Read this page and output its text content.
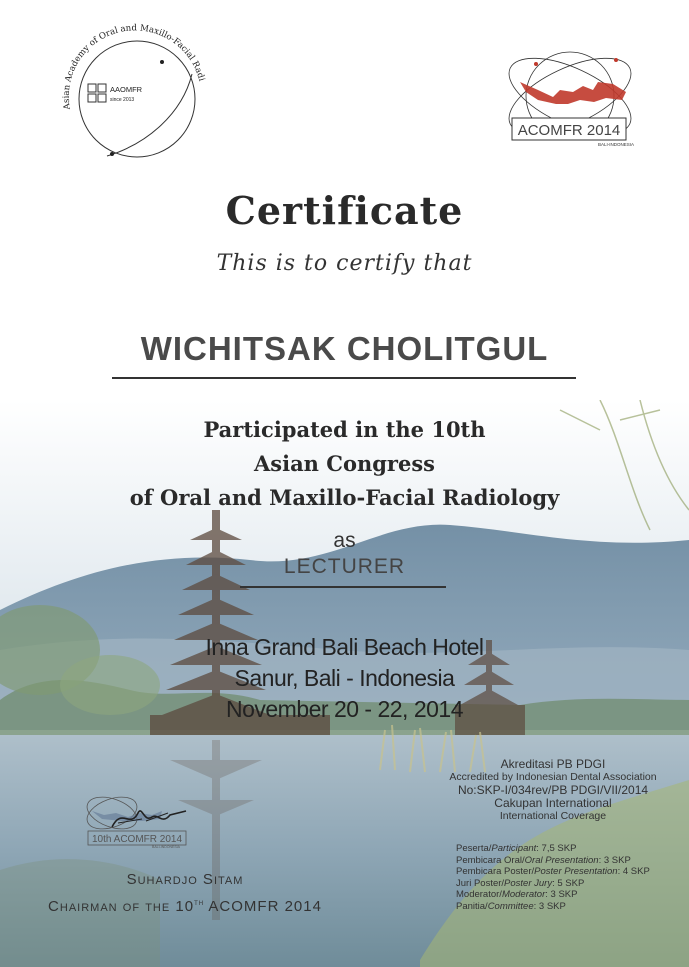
Asian Academy of Oral and Maxillo-Facial Radi
AAOMFR
since 2013
ACOMFR 2014
BALI-INDONESIA
Certificate
This is to certify that
WICHITSAK CHOLITGUL
Participated in the 10th
Asian Congress
of Oral and Maxillo-Facial Radiology
as
LECTURER
Inna Grand Bali Beach Hotel
Sanur, Bali - Indonesia
November 20 - 22, 2014
Akreditasi PB PDGI
Accredited by Indonesian Dental Association
No:SKP-I/034rev/PB PDGI/VII/2014
Cakupan International
International Coverage
Peserta/Participant: 7,5 SKP
Pembicara Oral/Oral Presentation: 3 SKP
Pembicara Poster/Poster Presentation: 4 SKP
Juri Poster/Poster Jury: 5 SKP
Moderator/Moderator: 3 SKP
Panitia/Committee: 3 SKP
10th ACOMFR 2014
BALI-INDONESIA
Suhardjo Sitam
Chairman of the 10th ACOMFR 2014
